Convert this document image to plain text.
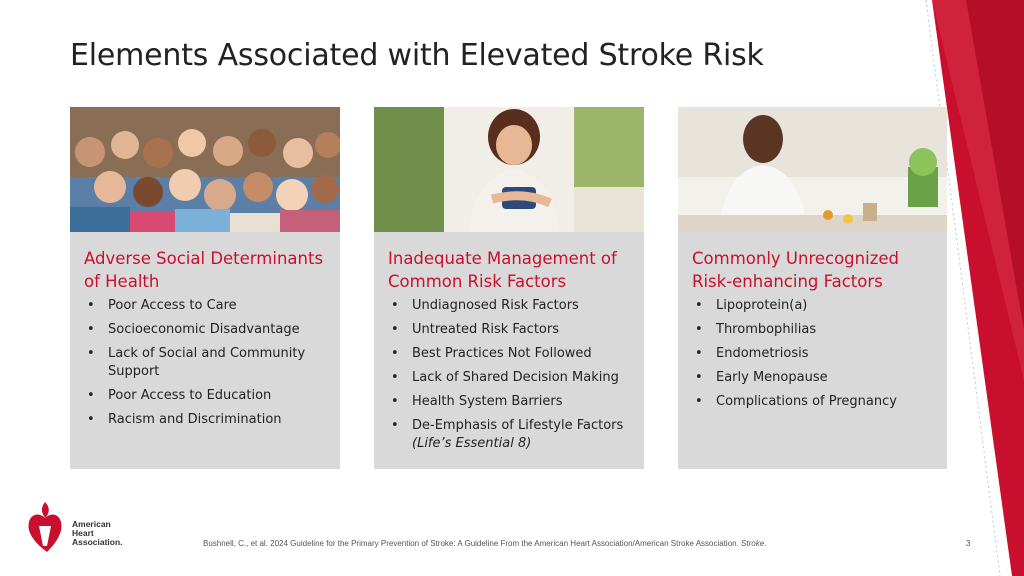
Elements Associated with Elevated Stroke Risk
Adverse Social Determinants of Health
• Poor Access to Care
• Socioeconomic Disadvantage
• Lack of Social and Community Support
• Poor Access to Education
• Racism and Discrimination
Inadequate Management of Common Risk Factors
• Undiagnosed Risk Factors
• Untreated Risk Factors
• Best Practices Not Followed
• Lack of Shared Decision Making
• Health System Barriers
• De-Emphasis of Lifestyle Factors
(Life’s Essential 8)
Commonly Unrecognized Risk-enhancing Factors
• Lipoprotein(a)
• Thrombophilias
• Endometriosis
• Early Menopause
• Complications of Pregnancy
American
Heart
Association.	Bushnell, C., et al. 2024 Guideline for the Primary Prevention of Stroke: A Guideline From the American Heart Association/American Stroke Association. Stroke.	3
